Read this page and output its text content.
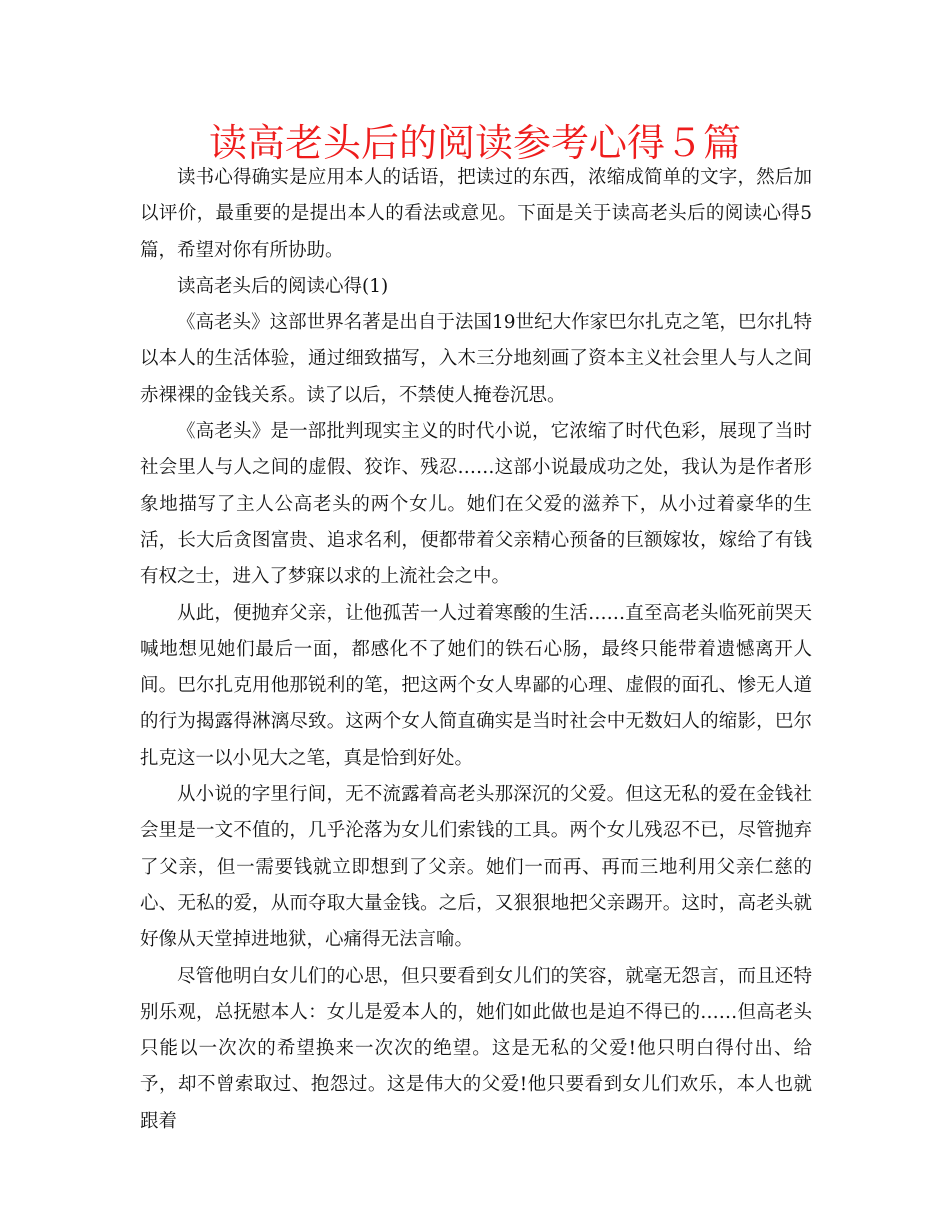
读高老头后的阅读参考心得５篇

读书心得确实是应用本人的话语，把读过的东西，浓缩成简单的文字，然后加以评价，最重要的是提出本人的看法或意见。下面是关于读高老头后的阅读心得5篇，希望对你有所协助。

读高老头后的阅读心得(1)

《高老头》这部世界名著是出自于法国19世纪大作家巴尔扎克之笔，巴尔扎特以本人的生活体验，通过细致描写，入木三分地刻画了资本主义社会里人与人之间赤裸裸的金钱关系。读了以后，不禁使人掩卷沉思。

《高老头》是一部批判现实主义的时代小说，它浓缩了时代色彩，展现了当时社会里人与人之间的虚假、狡诈、残忍……这部小说最成功之处，我认为是作者形象地描写了主人公高老头的两个女儿。她们在父爱的滋养下，从小过着豪华的生活，长大后贪图富贵、追求名利，便都带着父亲精心预备的巨额嫁妆，嫁给了有钱有权之士，进入了梦寐以求的上流社会之中。

从此，便抛弃父亲，让他孤苦一人过着寒酸的生活……直至高老头临死前哭天喊地想见她们最后一面，都感化不了她们的铁石心肠，最终只能带着遗憾离开人间。巴尔扎克用他那锐利的笔，把这两个女人卑鄙的心理、虚假的面孔、惨无人道的行为揭露得淋漓尽致。这两个女人简直确实是当时社会中无数妇人的缩影，巴尔扎克这一以小见大之笔，真是恰到好处。

从小说的字里行间，无不流露着高老头那深沉的父爱。但这无私的爱在金钱社会里是一文不值的，几乎沦落为女儿们索钱的工具。两个女儿残忍不已，尽管抛弃了父亲，但一需要钱就立即想到了父亲。她们一而再、再而三地利用父亲仁慈的心、无私的爱，从而夺取大量金钱。之后，又狠狠地把父亲踢开。这时，高老头就好像从天堂掉进地狱，心痛得无法言喻。

尽管他明白女儿们的心思，但只要看到女儿们的笑容，就毫无怨言，而且还特别乐观，总抚慰本人：女儿是爱本人的，她们如此做也是迫不得已的……但高老头只能以一次次的希望换来一次次的绝望。这是无私的父爱!他只明白得付出、给予，却不曾索取过、抱怨过。这是伟大的父爱!他只要看到女儿们欢乐，本人也就跟着
